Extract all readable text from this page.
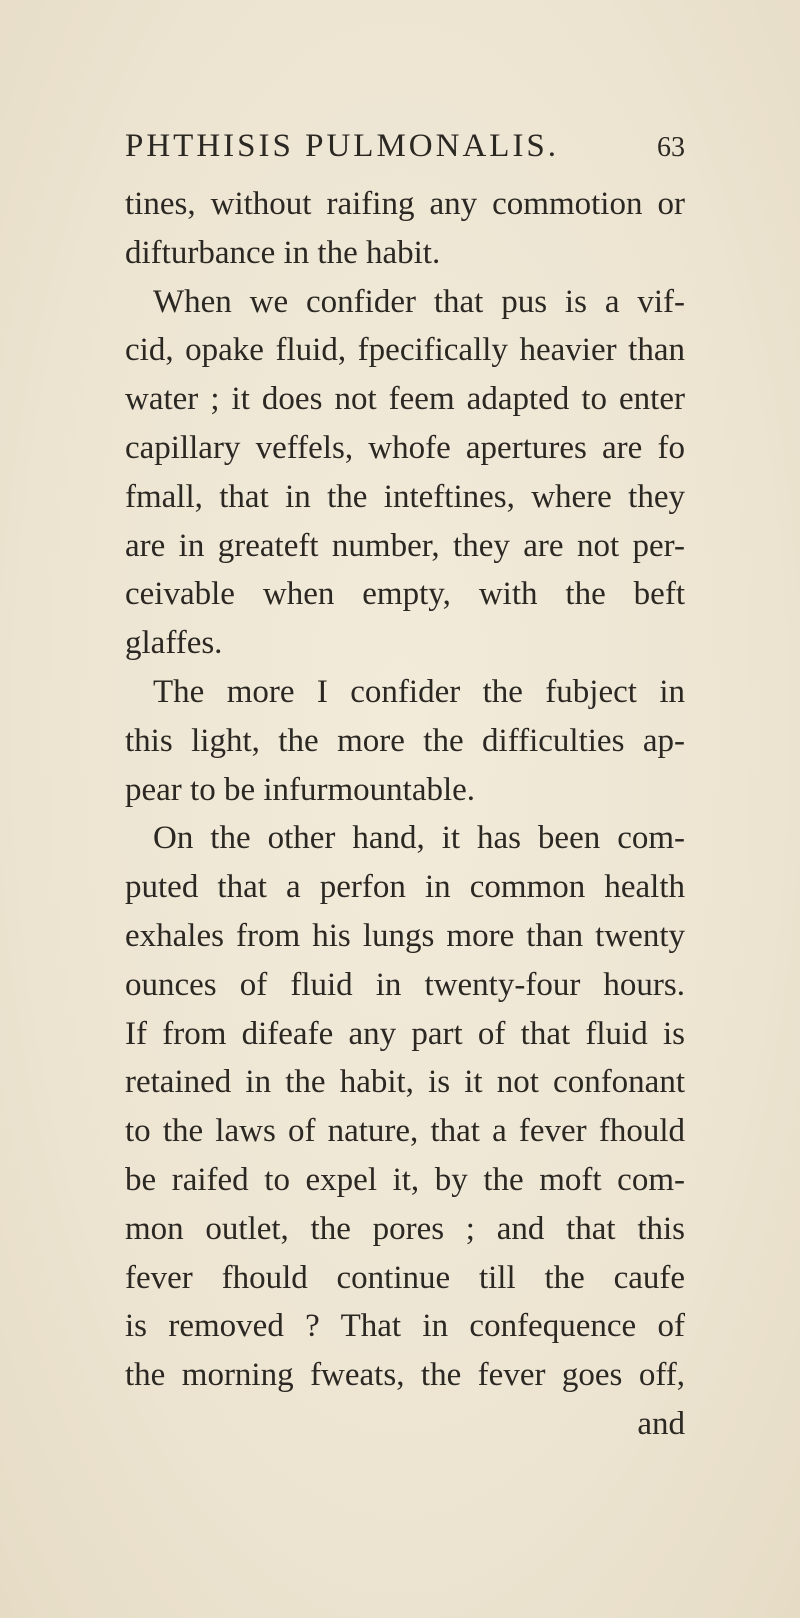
PHTHISIS PULMONALIS.	63
tines, without raifing any commotion or
difturbance in the habit.
When we confider that pus is a vif-
cid, opake fluid, fpecifically heavier than
water ; it does not feem adapted to enter
capillary veffels, whofe apertures are fo
fmall, that in the inteftines, where they
are in greateft number, they are not per-
ceivable when empty, with the beft
glaffes.
The more I confider the fubject in
this light, the more the difficulties ap-
pear to be infurmountable.
On the other hand, it has been com-
puted that a perfon in common health
exhales from his lungs more than twenty
ounces of fluid in twenty-four hours.
If from difeafe any part of that fluid is
retained in the habit, is it not confonant
to the laws of nature, that a fever fhould
be raifed to expel it, by the moft com-
mon outlet, the pores ; and that this
fever fhould continue till the caufe
is removed ? That in confequence of
the morning fweats, the fever goes off,
and
